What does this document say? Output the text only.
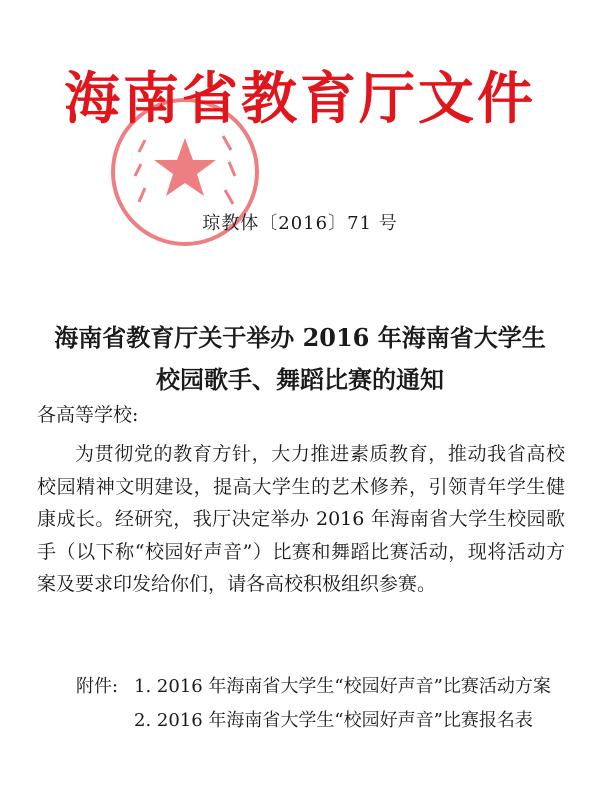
海南省教育厅文件
琼教体〔2016〕71 号
海南省教育厅关于举办 2016 年海南省大学生
校园歌手、舞蹈比赛的通知
各高等学校:

为贯彻党的教育方针，大力推进素质教育，推动我省高校校园精神文明建设，提高大学生的艺术修养，引领青年学生健康成长。经研究，我厅决定举办 2016 年海南省大学生校园歌手（以下称“校园好声音”）比赛和舞蹈比赛活动，现将活动方案及要求印发给你们，请各高校积极组织参赛。

附件: 1. 2016 年海南省大学生“校园好声音”比赛活动方案
2. 2016 年海南省大学生“校园好声音”比赛报名表
